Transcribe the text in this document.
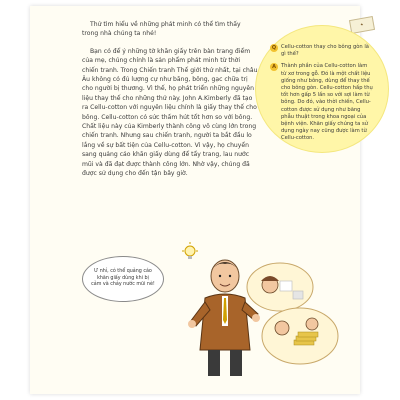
✦

Thử tìm hiểu về những phát minh có thể tìm thấy trong nhà chúng ta nhé!

Bạn có để ý những tờ khăn giấy trên bàn trang điểm của mẹ, chúng chính là sản phẩm phát minh từ thời chiến tranh. Trong Chiến tranh Thế giới thứ nhất, tại châu Âu không có đủ lượng cự như băng, bông, gạc chữa trị cho người bị thương. Vì thế, họ phát triển những nguyên liệu thay thế cho những thứ này. John A.Kimberly đã tạo ra Cellu-cotton với nguyên liệu chính là giấy thay thế cho bông. Cellu-cotton có sức thấm hút tốt hơn so với bông. Chất liệu này của Kimberly thành công vô cùng lớn trong chiến tranh. Nhưng sau chiến tranh, người ta bắt đầu lo lắng về sự bất tiện của Cellu-cotton. Vì vậy, họ chuyển sang quảng cáo khăn giấy dùng để tẩy trang, lau nước mũi và đã đạt được thành công lớn. Nhờ vậy, chúng đã được sử dụng cho đến tận bây giờ.

Q Cellu-cotton thay cho bông gòn là gì thế?
A Thành phần của Cellu-cotton làm từ xơ trong gỗ. Đó là một chất liệu giống như bông, dùng để thay thế cho bông gòn. Cellu-cotton hấp thụ tốt hơn gấp 5 lần so với sợi làm từ bông. Do đó, vào thời chiến, Cellu-cotton được sử dụng như băng phẫu thuật trong khoa ngoại của bệnh viện. Khăn giấy chúng ta sử dụng ngày nay cũng được làm từ Cellu-cotton.
Ư nhỉ, có thể quảng cáo
khăn giấy dùng khi bị
cảm và chảy nước mũi nè!
